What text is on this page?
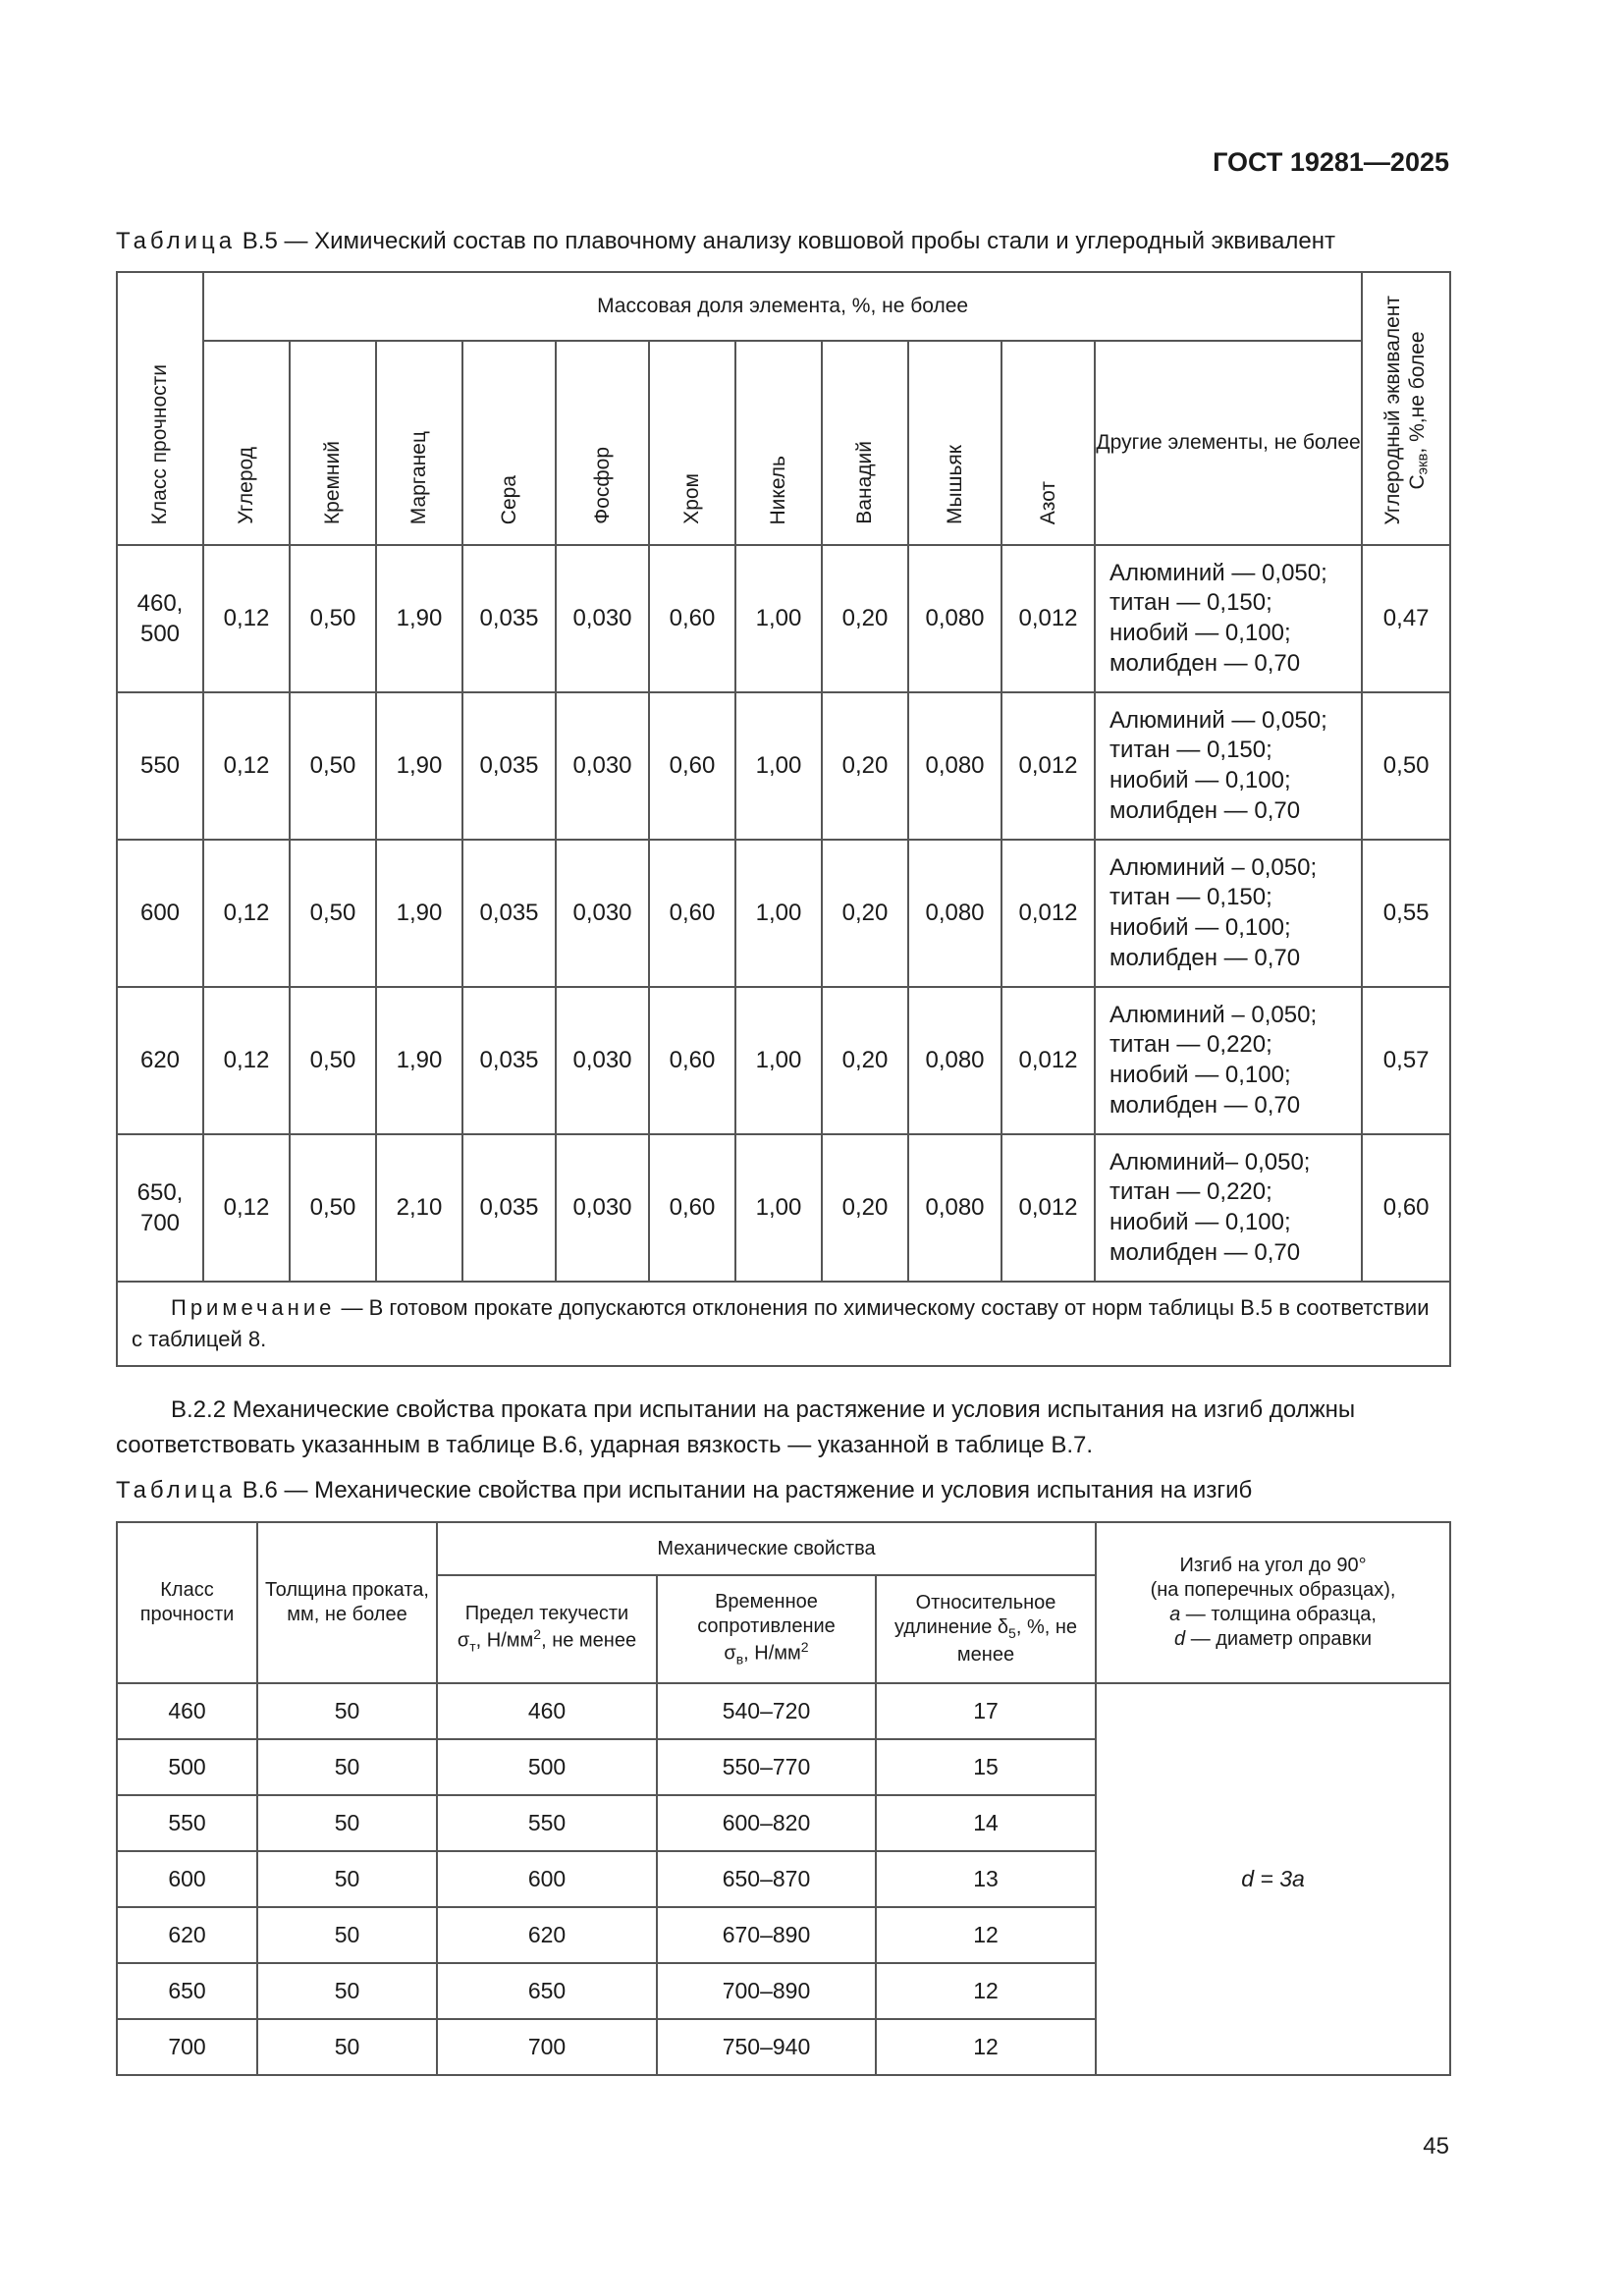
ГОСТ 19281—2025
Таблица В.5 — Химический состав по плавочному анализу ковшовой пробы стали и углеродный эквивалент
Класс прочности	Массовая доля элемента, %, не более											Углеродный эквивалент $C_{экв}$, %,не более
	Углерод	Кремний	Марганец	Сера	Фосфор	Хром	Никель	Ванадий	Мышьяк	Азот	Другие элементы, не более	
460,
500	0,12	0,50	1,90	0,035	0,030	0,60	1,00	0,20	0,080	0,012	Алюминий — 0,050;
титан — 0,150;
ниобий — 0,100;
молибден — 0,70	0,47
550	0,12	0,50	1,90	0,035	0,030	0,60	1,00	0,20	0,080	0,012	Алюминий — 0,050;
титан — 0,150;
ниобий — 0,100;
молибден — 0,70	0,50
600	0,12	0,50	1,90	0,035	0,030	0,60	1,00	0,20	0,080	0,012	Алюминий – 0,050;
титан — 0,150;
ниобий — 0,100;
молибден — 0,70	0,55
620	0,12	0,50	1,90	0,035	0,030	0,60	1,00	0,20	0,080	0,012	Алюминий – 0,050;
титан — 0,220;
ниобий — 0,100;
молибден — 0,70	0,57
650,
700	0,12	0,50	2,10	0,035	0,030	0,60	1,00	0,20	0,080	0,012	Алюминий– 0,050;
титан — 0,220;
ниобий — 0,100;
молибден — 0,70	0,60
Примечание — В готовом прокате допускаются отклонения по химическому составу от норм таблицы В.5 в соответствии с таблицей 8.												

В.2.2 Механические свойства проката при испытании на растяжение и условия испытания на изгиб должны соответствовать указанным в таблице В.6, ударная вязкость — указанной в таблице В.7.

Таблица В.6 — Механические свойства при испытании на растяжение и условия испытания на изгиб
Класс прочности	Толщина проката, мм, не более	Механические свойства			Изгиб на угол до 90°
(на поперечных образцах),
a — толщина образца,
d — диаметр оправки
		Предел текучести
$\sigma_т$, $Н/мм^2$, не менее	Временное сопротивление
$\sigma_в$, $Н/мм^2$	Относительное удлинение $\delta_5$, %, не менее	
460	50	460	540–720	17	d = 3a
500	50	500	550–770	15	
550	50	550	600–820	14	
600	50	600	650–870	13	
620	50	620	670–890	12	
650	50	650	700–890	12	
700	50	700	750–940	12	
45
